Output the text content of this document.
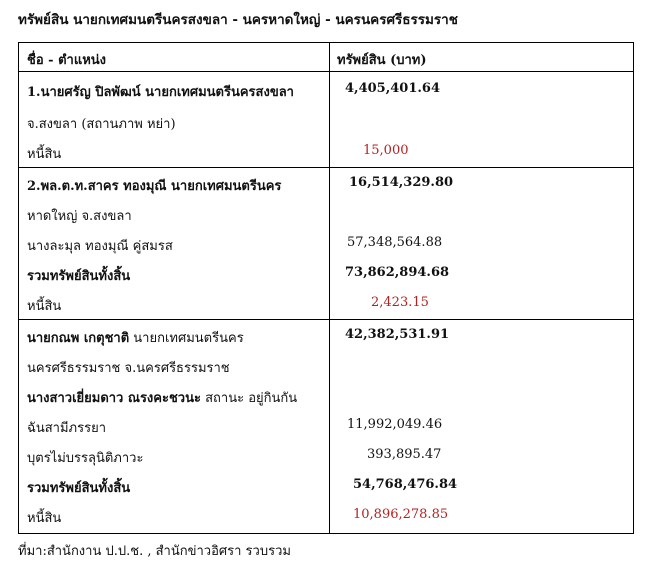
ทรัพย์สิน นายกเทศมนตรีนครสงขลา - นครหาดใหญ่ - นครนครศรีธรรมราช
ชื่อ - ตำแหน่ง	ทรัพย์สิน (บาท)
1.นายศรัญ ปิลพัฒน์ นายกเทศมนตรีนครสงขลา	4,405,401.64
จ.สงขลา (สถานภาพ หย่า)
หนี้สิน	15,000
2.พล.ต.ท.สาคร ทองมุณี นายกเทศมนตรีนคร	16,514,329.80
หาดใหญ่ จ.สงขลา
นางละมุล ทองมุณี คู่สมรส	57,348,564.88
รวมทรัพย์สินทั้งสิ้น	73,862,894.68
หนี้สิน	2,423.15
นายกณพ เกตุชาติ นายกเทศมนตรีนคร	42,382,531.91
นครศรีธรรมราช จ.นครศรีธรรมราช
นางสาวเยี่ยมดาว ณรงคะชวนะ สถานะ อยู่กินกัน
ฉันสามีภรรยา	11,992,049.46
บุตรไม่บรรลุนิติภาวะ	393,895.47
รวมทรัพย์สินทั้งสิ้น	54,768,476.84
หนี้สิน	10,896,278.85
ที่มา:สำนักงาน ป.ป.ช. , สำนักข่าวอิศรา รวบรวม
